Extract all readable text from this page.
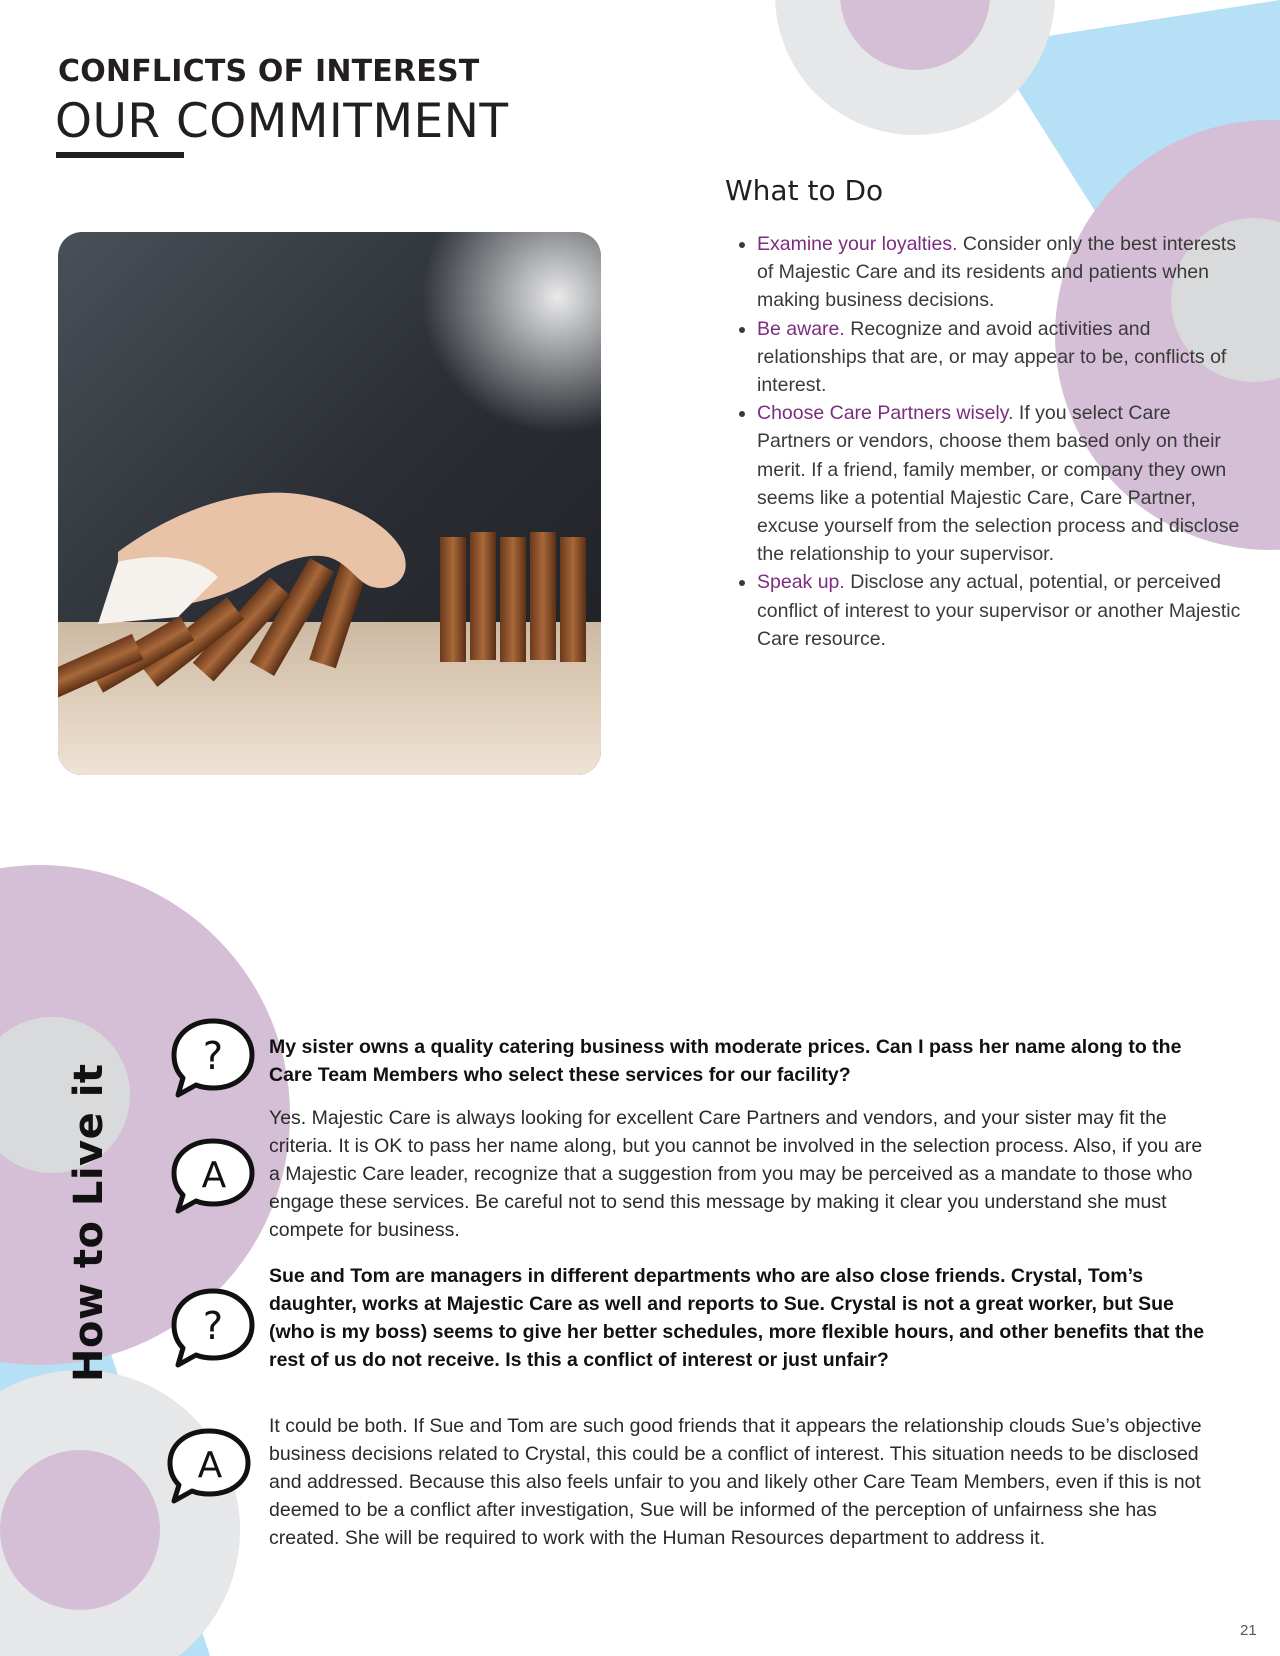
CONFLICTS OF INTEREST
OUR COMMITMENT
What to Do
• Examine your loyalties. Consider only the best interests of Majestic Care and its residents and patients when making business decisions.
• Be aware. Recognize and avoid activities and relationships that are, or may appear to be, conflicts of interest.
• Choose Care Partners wisely. If you select Care Partners or vendors, choose them based only on their merit. If a friend, family member, or company they own seems like a potential Majestic Care, Care Partner, excuse yourself from the selection process and disclose the relationship to your supervisor.
• Speak up. Disclose any actual, potential, or perceived conflict of interest to your supervisor or another Majestic Care resource.
How to Live it
? My sister owns a quality catering business with moderate prices. Can I pass her name along to the Care Team Members who select these services for our facility?

A

Yes. Majestic Care is always looking for excellent Care Partners and vendors, and your sister may fit the criteria. It is OK to pass her name along, but you cannot be involved in the selection process. Also, if you are a Majestic Care leader, recognize that a suggestion from you may be perceived as a mandate to those who engage these services. Be careful not to send this message by making it clear you understand she must compete for business.

?

Sue and Tom are managers in different departments who are also close friends. Crystal, Tom’s daughter, works at Majestic Care as well and reports to Sue. Crystal is not a great worker, but Sue (who is my boss) seems to give her better schedules, more flexible hours, and other benefits that the rest of us do not receive. Is this a conflict of interest or just unfair?

A

It could be both. If Sue and Tom are such good friends that it appears the relationship clouds Sue’s objective business decisions related to Crystal, this could be a conflict of interest. This situation needs to be disclosed and addressed. Because this also feels unfair to you and likely other Care Team Members, even if this is not deemed to be a conflict after investigation, Sue will be informed of the perception of unfairness she has created. She will be required to work with the Human Resources department to address it.

21
